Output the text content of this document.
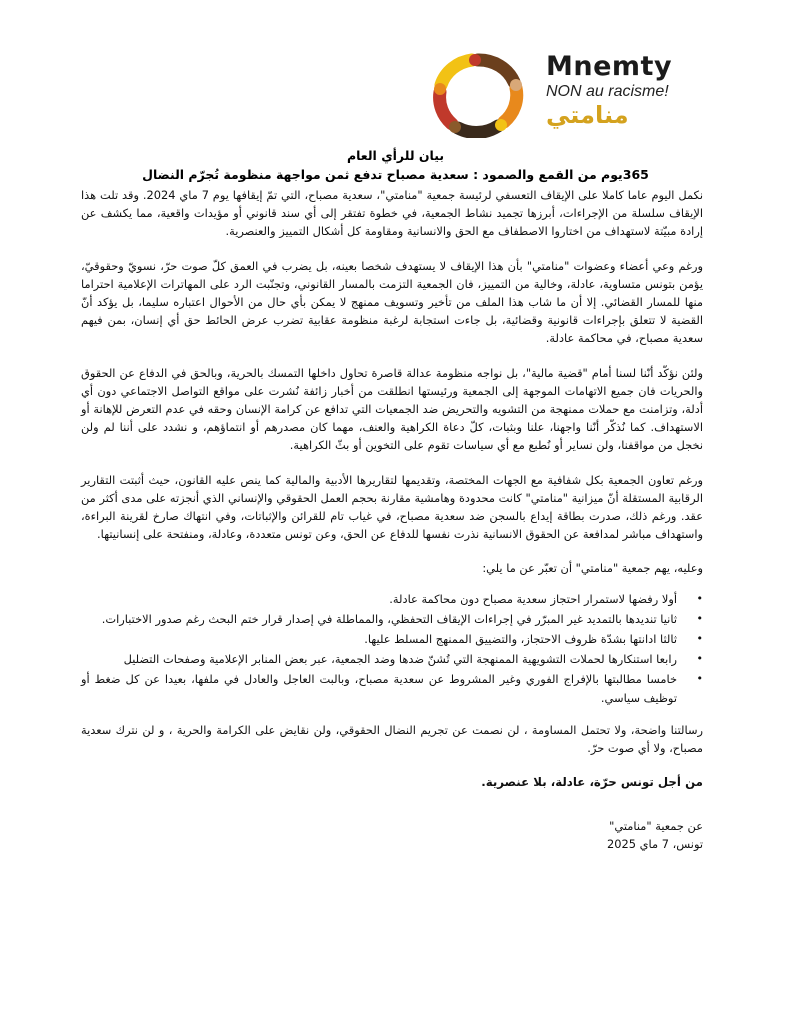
Mnemty
NON au racisme!
منامتي
بيان للرأي العام
365يوم من القمع والصمود : سعدية مصباح تدفع ثمن مواجهة منظومة تُجرّم النضال

نكمل اليوم عاما كاملا على الإيقاف التعسفي لرئيسة جمعية "منامتي"، سعدية مصباح، التي تمّ إيقافها يوم 7 ماي 2024. وقد تلت هذا الإيقاف سلسلة من الإجراءات، أبرزها تجميد نشاط الجمعية، في خطوة تفتقر إلى أي سند قانوني أو مؤيدات واقعية، مما يكشف عن إرادة مبيّتة لاستهداف من اختاروا الاصطفاف مع الحق والانسانية ومقاومة كل أشكال التمييز والعنصرية.

ورغم وعي أعضاء وعضوات "منامتي" بأن هذا الإيقاف لا يستهدف شخصا بعينه، بل يضرب في العمق كلّ صوت حرّ، نسويّ وحقوقيّ، يؤمن بتونس متساوية، عادلة، وخالية من التمييز، فان الجمعية التزمت بالمسار القانوني، وتجنّبت الرد على المهاترات الإعلامية احتراما منها للمسار القضائي. إلا أن ما شاب هذا الملف من تأخير وتسويف ممنهج لا يمكن بأي حال من الأحوال اعتباره سليما، بل يؤكد أنّ القضية لا تتعلق بإجراءات قانونية وقضائية، بل جاءت استجابة لرغبة منظومة عقابية تضرب عرض الحائط حق أي إنسان، بمن فيهم سعدية مصباح، في محاكمة عادلة.

ولئن نؤكّد أنّنا لسنا أمام "قضية مالية"، بل نواجه منظومة عدالة قاصرة تحاول داخلها التمسك بالحرية، وبالحق في الدفاع عن الحقوق والحريات فان جميع الاتهامات الموجهة إلى الجمعية ورئيستها انطلقت من أخبار زائفة نُشرت على مواقع التواصل الاجتماعي دون أي أدلة، وتزامنت مع حملات ممنهجة من التشويه والتحريض ضد الجمعيات التي تدافع عن كرامة الإنسان وحقه في عدم التعرض للإهانة أو الاستهداف. كما نُذكّر أنّنا واجهنا، علنا وبثبات، كلّ دعاة الكراهية والعنف، مهما كان مصدرهم أو انتماؤهم، و نشدد على أننا لم ولن نخجل من مواقفنا، ولن نساير أو نُطبع مع أي سياسات تقوم على التخوين أو بثّ الكراهية.

ورغم تعاون الجمعية بكل شفافية مع الجهات المختصة، وتقديمها لتقاريرها الأدبية والمالية كما ينص عليه القانون، حيث أثبتت التقارير الرقابية المستقلة أنّ ميزانية "منامتي" كانت محدودة وهامشية مقارنة بحجم العمل الحقوقي والإنساني الذي أنجزته على مدى أكثر من عقد. ورغم ذلك، صدرت بطاقة إيداع بالسجن ضد سعدية مصباح، في غياب تام للقرائن والإثباتات، وفي انتهاك صارخ لقرينة البراءة، واستهداف مباشر لمدافعة عن الحقوق الانسانية نذرت نفسها للدفاع عن الحق، وعن تونس متعددة، وعادلة، ومنفتحة على إنسانيتها.

وعليه، يهم جمعية "منامتي" أن تعبّر عن ما يلي:

•
أولا رفضها لاستمرار احتجاز سعدية مصباح دون محاكمة عادلة.
•
ثانيا تنديدها بالتمديد غير المبرّر في إجراءات الإيقاف التحفظي، والمماطلة في إصدار قرار ختم البحث رغم صدور الاختبارات.
•
ثالثا ادانتها بشدّة ظروف الاحتجاز، والتضييق الممنهج المسلط عليها.
•
رابعا استنكارها لحملات التشويهية الممنهجة التي تُشنّ ضدها وضد الجمعية، عبر بعض المنابر الإعلامية وصفحات التضليل
•
خامسا مطالبتها بالإفراج الفوري وغير المشروط عن سعدية مصباح، وبالبت العاجل والعادل في ملفها، بعيدا عن كل ضغط أو توظيف سياسي.

رسالتنا واضحة، ولا تحتمل المساومة ، لن نصمت عن تجريم النضال الحقوقي، ولن نقايض على الكرامة والحرية ، و لن نترك سعدية مصباح، ولا أي صوت حرّ.

من أجل تونس حرّة، عادلة، بلا عنصرية.

عن جمعية "منامتي"

تونس، 7 ماي 2025
